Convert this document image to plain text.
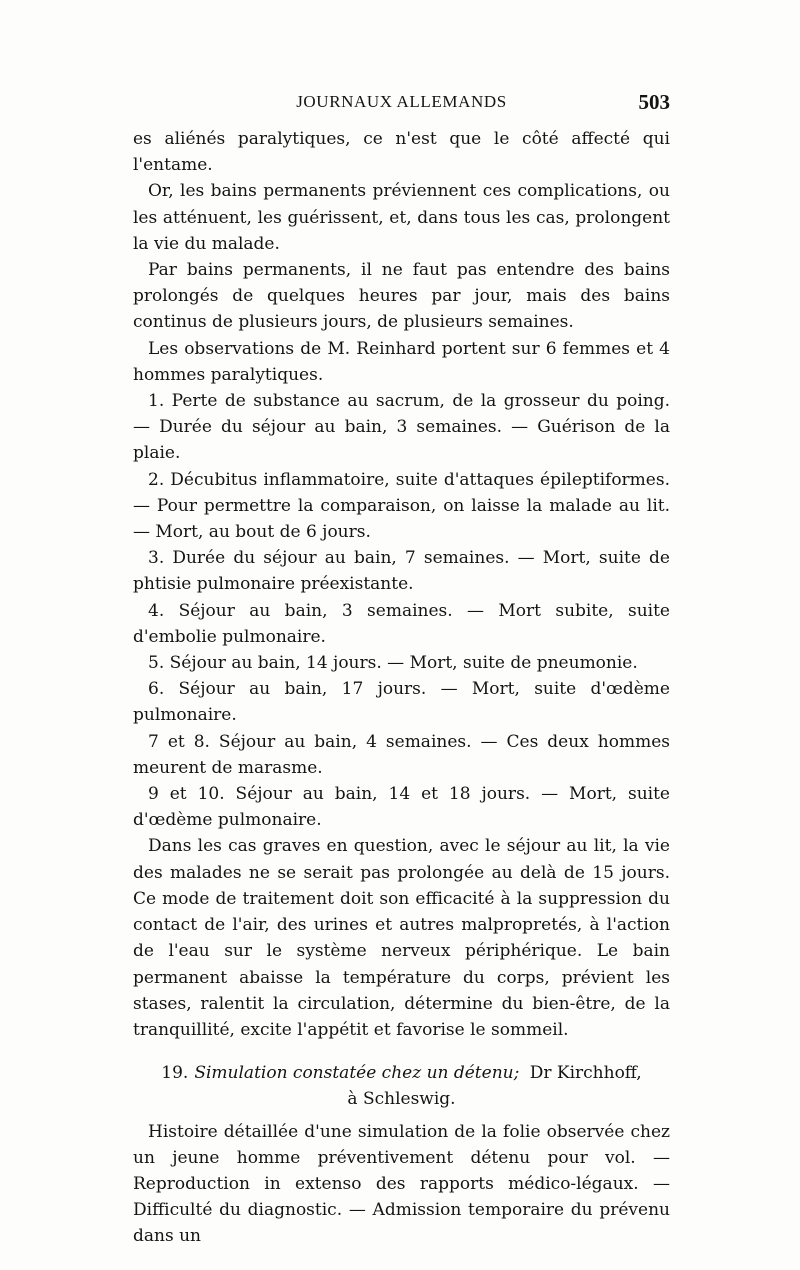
JOURNAUX ALLEMANDS	503

es aliénés paralytiques, ce n'est que le côté affecté qui l'entame.

Or, les bains permanents préviennent ces complications, ou les atténuent, les guérissent, et, dans tous les cas, prolongent la vie du malade.

Par bains permanents, il ne faut pas entendre des bains prolongés de quelques heures par jour, mais des bains continus de plusieurs jours, de plusieurs semaines.

Les observations de M. Reinhard portent sur 6 femmes et 4 hommes paralytiques.

1. Perte de substance au sacrum, de la grosseur du poing. — Durée du séjour au bain, 3 semaines. — Guérison de la plaie.

2. Décubitus inflammatoire, suite d'attaques épileptiformes. — Pour permettre la comparaison, on laisse la malade au lit. — Mort, au bout de 6 jours.

3. Durée du séjour au bain, 7 semaines. — Mort, suite de phtisie pulmonaire préexistante.

4. Séjour au bain, 3 semaines. — Mort subite, suite d'embolie pulmonaire.

5. Séjour au bain, 14 jours. — Mort, suite de pneumonie.

6. Séjour au bain, 17 jours. — Mort, suite d'œdème pulmonaire.

7 et 8. Séjour au bain, 4 semaines. — Ces deux hommes meurent de marasme.

9 et 10. Séjour au bain, 14 et 18 jours. — Mort, suite d'œdème pulmonaire.

Dans les cas graves en question, avec le séjour au lit, la vie des malades ne se serait pas prolongée au delà de 15 jours. Ce mode de traitement doit son efficacité à la suppression du contact de l'air, des urines et autres malpropretés, à l'action de l'eau sur le système nerveux périphérique. Le bain permanent abaisse la température du corps, prévient les stases, ralentit la circulation, détermine du bien-être, de la tranquillité, excite l'appétit et favorise le sommeil.

19. Simulation constatée chez un détenu; Dr Kirchhoff,
à Schleswig.

Histoire détaillée d'une simulation de la folie observée chez un jeune homme préventivement détenu pour vol. — Reproduction in extenso des rapports médico-légaux. — Difficulté du diagnostic. — Admission temporaire du prévenu dans un
